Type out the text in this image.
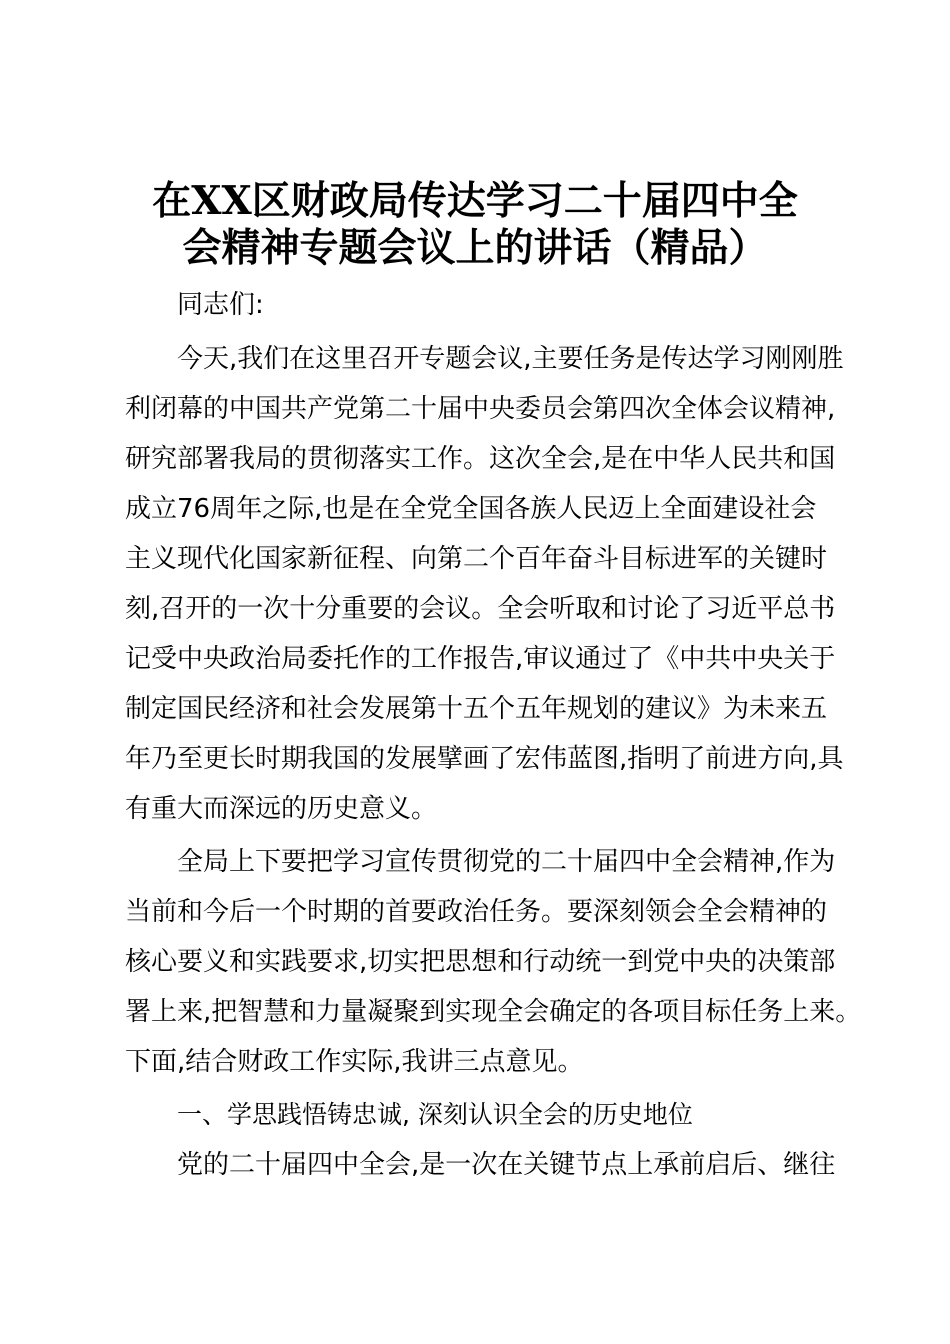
在XX区财政局传达学习二十届四中全
会精神专题会议上的讲话（精品）

同志们:

今天,我们在这里召开专题会议,主要任务是传达学习刚刚胜
利闭幕的中国共产党第二十届中央委员会第四次全体会议精神,
研究部署我局的贯彻落实工作。这次全会,是在中华人民共和国
成立76周年之际,也是在全党全国各族人民迈上全面建设社会
主义现代化国家新征程、向第二个百年奋斗目标进军的关键时
刻,召开的一次十分重要的会议。全会听取和讨论了习近平总书
记受中央政治局委托作的工作报告,审议通过了《中共中央关于
制定国民经济和社会发展第十五个五年规划的建议》为未来五
年乃至更长时期我国的发展擘画了宏伟蓝图,指明了前进方向,具
有重大而深远的历史意义。

全局上下要把学习宣传贯彻党的二十届四中全会精神,作为
当前和今后一个时期的首要政治任务。要深刻领会全会精神的
核心要义和实践要求,切实把思想和行动统一到党中央的决策部
署上来,把智慧和力量凝聚到实现全会确定的各项目标任务上来。
下面,结合财政工作实际,我讲三点意见。

一、学思践悟铸忠诚, 深刻认识全会的历史地位

党的二十届四中全会,是一次在关键节点上承前启后、继往
